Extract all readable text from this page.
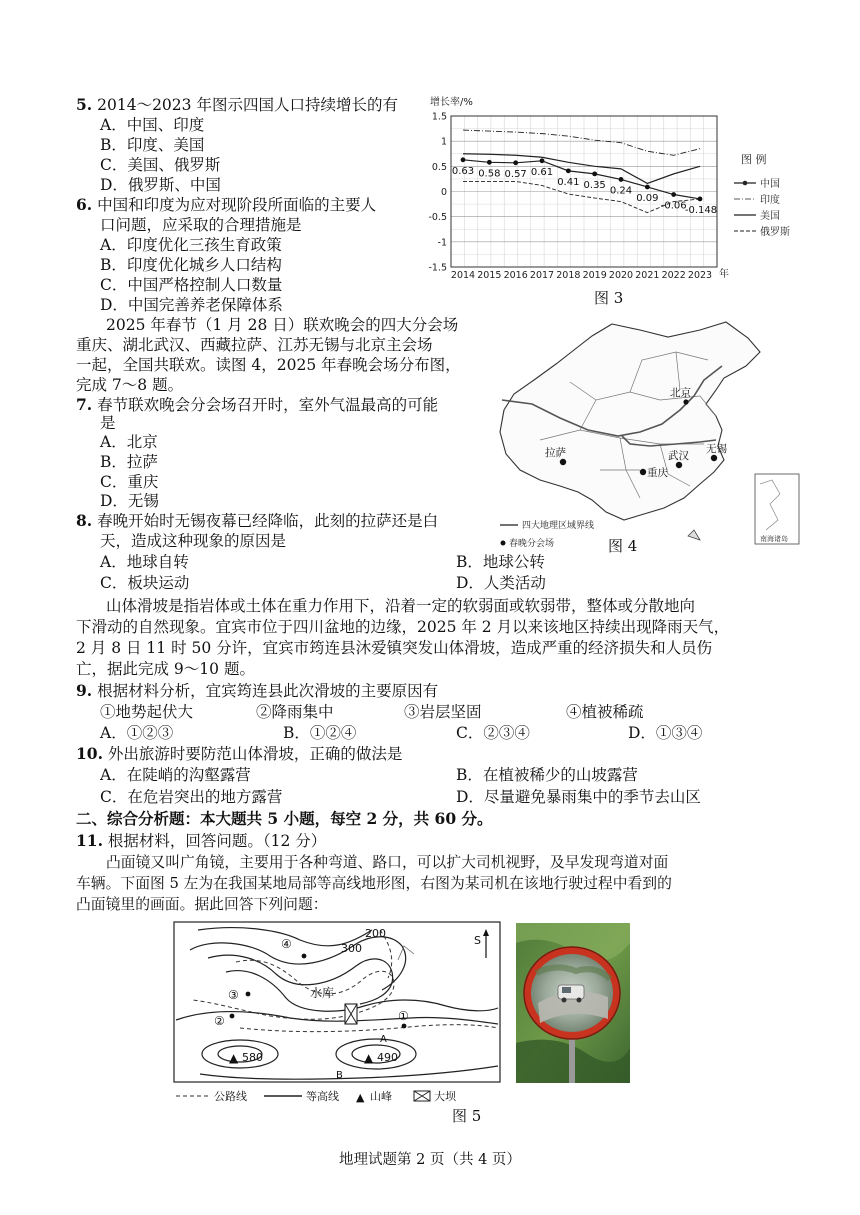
5. 2014～2023 年图示四国人口持续增长的有
A．中国、印度
B．印度、美国
C．美国、俄罗斯
D．俄罗斯、中国
6. 中国和印度为应对现阶段所面临的主要人
口问题，应采取的合理措施是
A．印度优化三孩生育政策
B．印度优化城乡人口结构
C．中国严格控制人口数量
D．中国完善养老保障体系
2025 年春节（1 月 28 日）联欢晚会的四大分会场
重庆、湖北武汉、西藏拉萨、江苏无锡与北京主会场
一起，全国共联欢。读图 4，2025 年春晚会场分布图，
完成 7～8 题。
7. 春节联欢晚会分会场召开时，室外气温最高的可能
是
A．北京
B．拉萨
C．重庆
D．无锡
8. 春晚开始时无锡夜幕已经降临，此刻的拉萨还是白
天，造成这种现象的原因是
A．地球自转	B．地球公转
C．板块运动	D．人类活动
山体滑坡是指岩体或土体在重力作用下，沿着一定的软弱面或软弱带，整体或分散地向
下滑动的自然现象。宜宾市位于四川盆地的边缘，2025 年 2 月以来该地区持续出现降雨天气，
2 月 8 日 11 时 50 分许，宜宾市筠连县沐爱镇突发山体滑坡，造成严重的经济损失和人员伤
亡，据此完成 9～10 题。
9. 根据材料分析，宜宾筠连县此次滑坡的主要原因有
①地势起伏大	②降雨集中	③岩层坚固	④植被稀疏
A．①②③	B．①②④	C．②③④	D．①③④
10. 外出旅游时要防范山体滑坡，正确的做法是
A．在陡峭的沟壑露营	B．在植被稀少的山坡露营
C．在危岩突出的地方露营	D．尽量避免暴雨集中的季节去山区
二、综合分析题：本大题共 5 小题，每空 2 分，共 60 分。
11. 根据材料，回答问题。（12 分）
凸面镜又叫广角镜，主要用于各种弯道、路口，可以扩大司机视野，及早发现弯道对面
车辆。下面图 5 左为在我国某地局部等高线地形图，右图为某司机在该地行驶过程中看到的
凸面镜里的画面。据此回答下列问题：
增长率/%
1.5
1
0.5
0
-0.5
-1
-1.5
2014 2015 2016 2017 2018 2019 2020 2021 2022 2023
0.63 0.58 0.57 0.61
0.41 0.35
0.24
0.09
-0.06
-0.148
年
图 例
中国
印度
美国
俄罗斯
图 3
北京
拉萨	武汉
重庆
无锡
南海诸岛
四大地理区域界线
春晚分会场	图 4
300
200
水库
▲ 580	▲ 490
A
B
④
③
②	①
S
公路线	等高线 ▲ 山峰	大坝
图 5
地理试题第 2 页（共 4 页）
